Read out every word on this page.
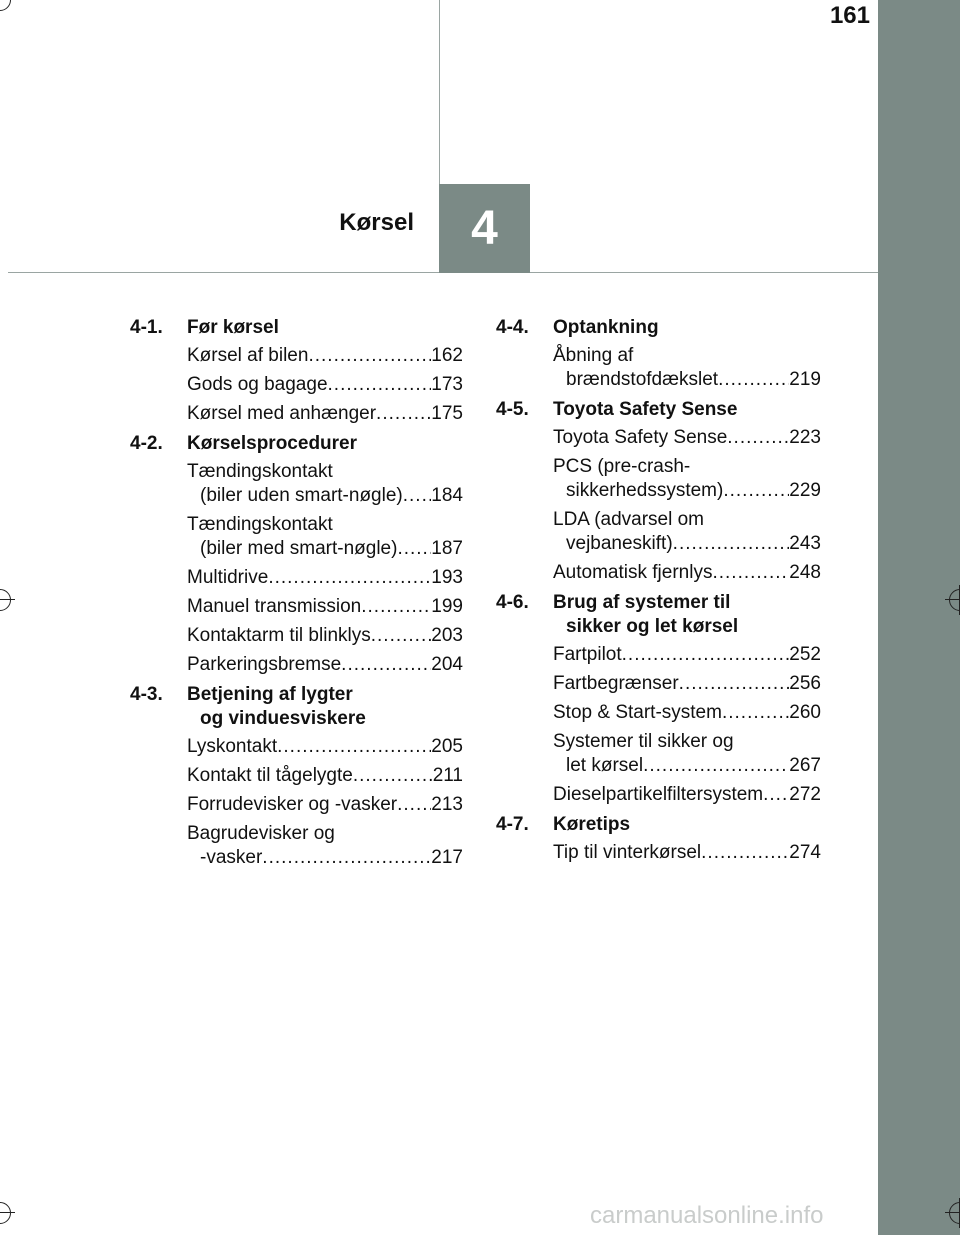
161
4
Kørsel
4-1. Før kørsel
Kørsel af bilen .....	162
Gods og bagage .....	173
Kørsel med anhænger .....	175
4-2. Kørselsprocedurer
Tændingskontakt
(biler uden smart-nøgle) ..... 184
Tændingskontakt
(biler med smart-nøgle) ..... 187
Multidrive .....	193
Manuel transmission .....	199
Kontaktarm til blinklys .....	203
Parkeringsbremse .....	204
4-3. Betjening af lygter
og vinduesviskere
Lyskontakt .....	205
Kontakt til tågelygte .....	211
Forrudevisker og -vasker ..... 213
Bagrudevisker og
-vasker .....	217
4-4. Optankning
Åbning af
brændstofdækslet .....	219
4-5. Toyota Safety Sense
Toyota Safety Sense .....	223
PCS (pre-crash-
sikkerhedssystem) .....	229
LDA (advarsel om
vejbaneskift) .....	243
Automatisk fjernlys .....	248
4-6. Brug af systemer til
sikker og let kørsel
Fartpilot .....	252
Fartbegrænser .....	256
Stop & Start-system .....	260
Systemer til sikker og
let kørsel .....	267
Dieselpartikelfiltersystem ..... 272
4-7. Køretips
Tip til vinterkørsel .....	274
carmanualsonline.info
